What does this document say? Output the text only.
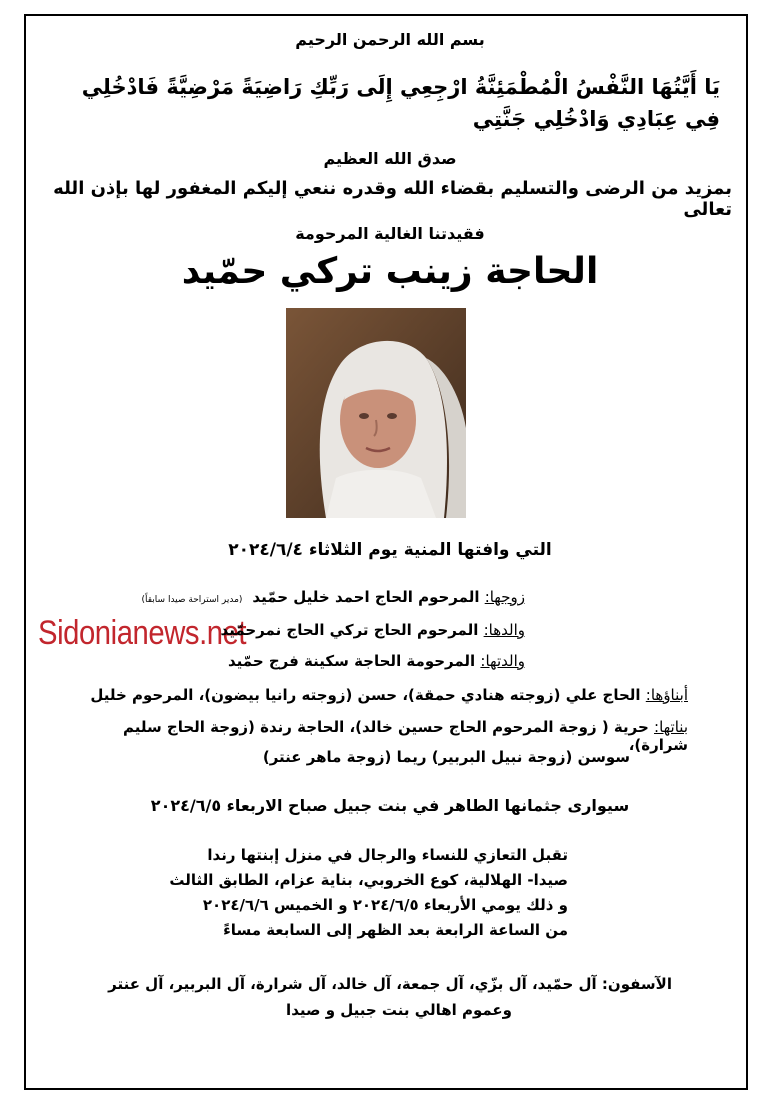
بسم الله الرحمن الرحيم
يَا أَيَّتُهَا النَّفْسُ الْمُطْمَئِنَّةُ ارْجِعِي إِلَى رَبِّكِ رَاضِيَةً مَرْضِيَّةً فَادْخُلِي فِي عِبَادِي وَادْخُلِي جَنَّتِي
صدق الله العظيم
بمزيد من الرضى والتسليم بقضاء الله وقدره ننعي إليكم المغفور لها بإذن الله تعالى
فقيدتنا الغالية المرحومة
الحاجة زينب تركي حمّيد
التي وافتها المنية يوم الثلاثاء ٢٠٢٤/٦/٤
زوجها: المرحوم الحاج احمد خليل حمّيد(مدير استراحة صيدا سابقاً)
Sidonianews.net	والدها: المرحوم الحاج تركي الحاج نمرحمّيد
والدتها: المرحومة الحاجة سكينة فرج حمّيد
أبناؤها: الحاج علي (زوجته هنادي حمقة)، حسن (زوجته رانيا بيضون)، المرحوم خليل
بناتها: حرية ( زوجة المرحوم الحاج حسين خالد)، الحاجة رندة (زوجة الحاج سليم شرارة)،
سوسن (زوجة نبيل البربير) ريما (زوجة ماهر عنتر)
سيوارى جثمانها الطاهر في بنت جبيل صباح الاربعاء ٢٠٢٤/٦/٥
تقبل التعازي للنساء والرجال في منزل إبنتها رندا
صيدا- الهلالية، كوع الخروبي، بناية عزام، الطابق الثالث
و ذلك يومي الأربعاء ٢٠٢٤/٦/٥ و الخميس ٢٠٢٤/٦/٦
من الساعة الرابعة بعد الظهر إلى السابعة مساءً
الآسفون: آل حمّيد، آل بزّي، آل جمعة، آل خالد، آل شرارة، آل البربير، آل عنتر
وعموم اهالي بنت جبيل و صيدا
